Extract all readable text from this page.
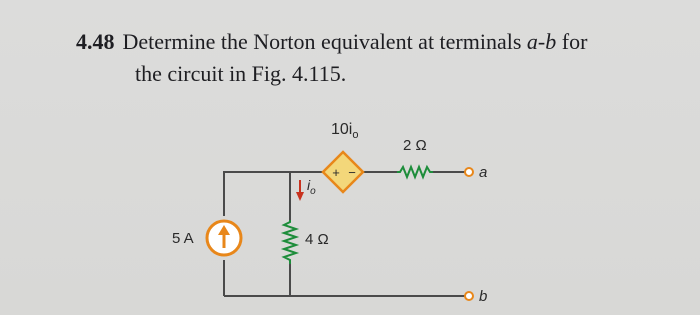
4.48 Determine the Norton equivalent at terminals a-b for
the circuit in Fig. 4.115.
+ −
$10i_o$
2 Ω
4 Ω
5 A
$i_o$
a
b
